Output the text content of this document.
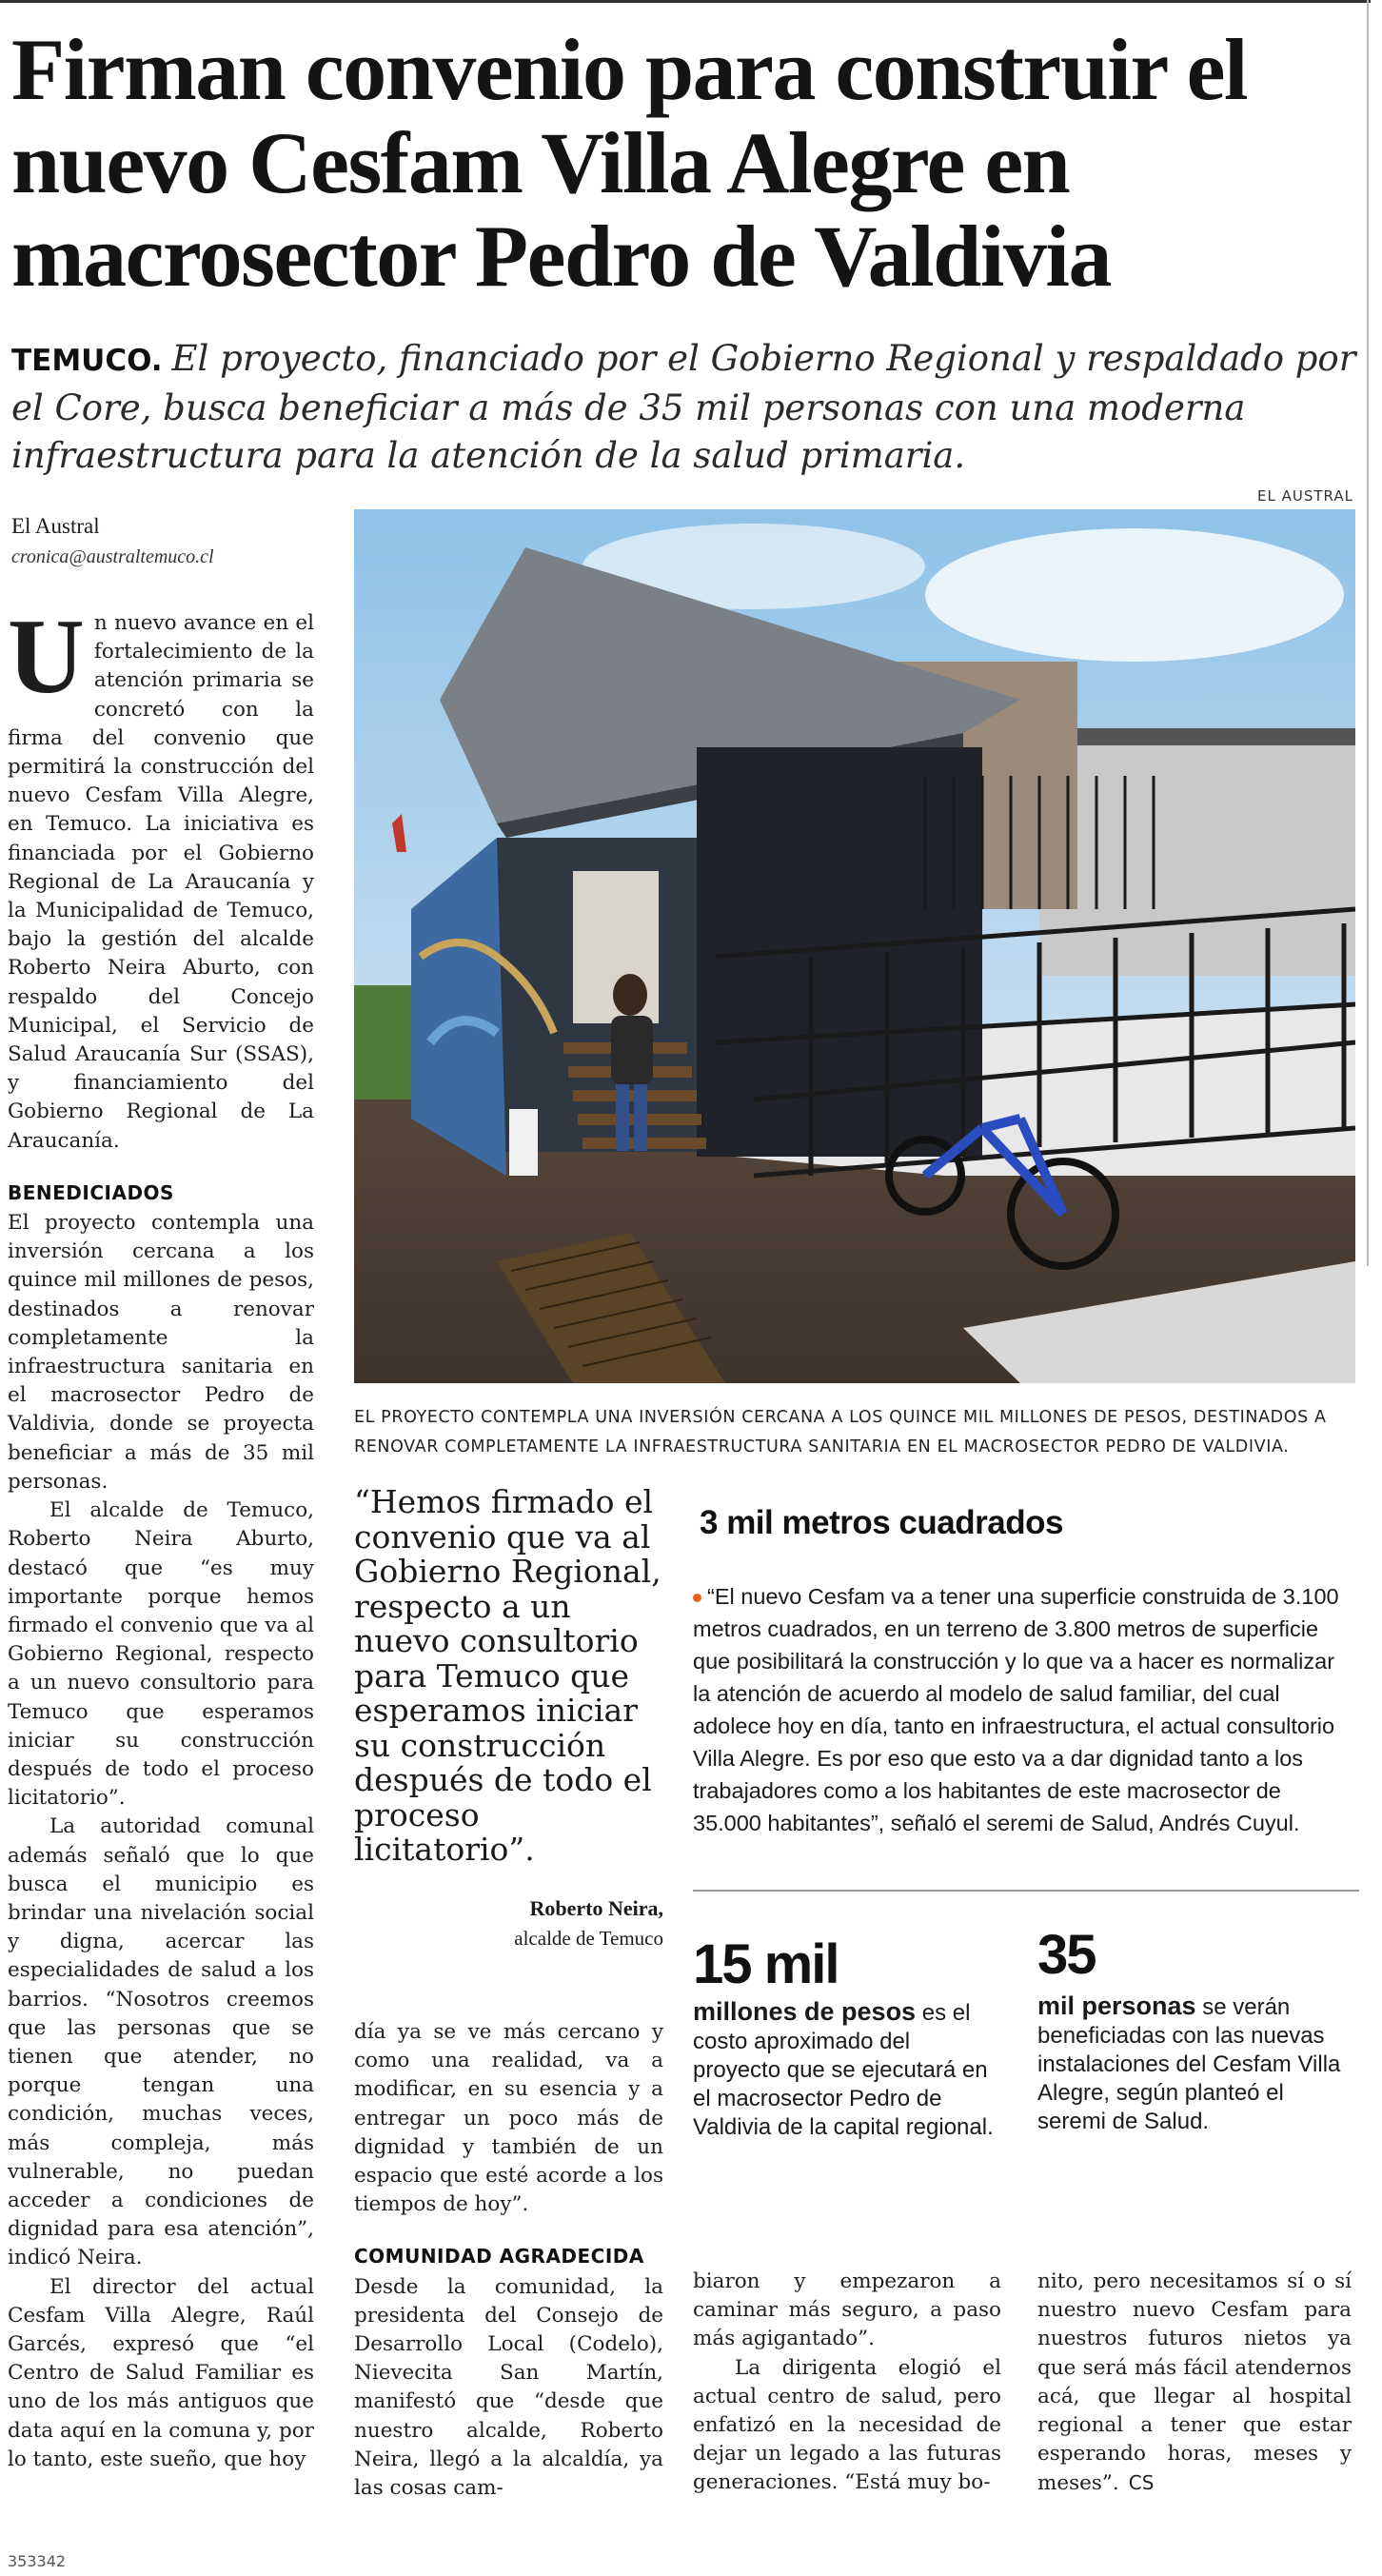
Firman convenio para construir el nuevo Cesfam Villa Alegre en macrosector Pedro de Valdivia
TEMUCO. El proyecto, financiado por el Gobierno Regional y respaldado por el Core, busca beneficiar a más de 35 mil personas con una moderna infraestructura para la atención de la salud primaria.
El Austral
cronica@australtemuco.cl
EL AUSTRAL
EL PROYECTO CONTEMPLA UNA INVERSIÓN CERCANA A LOS QUINCE MIL MILLONES DE PESOS, DESTINADOS A RENOVAR COMPLETAMENTE LA INFRAESTRUCTURA SANITARIA EN EL MACROSECTOR PEDRO DE VALDIVIA.

Un nuevo avance en el fortalecimiento de la atención primaria se concretó con la firma del convenio que permitirá la construcción del nuevo Cesfam Villa Alegre, en Temuco. La iniciativa es financiada por el Gobierno Regional de La Araucanía y la Municipalidad de Temuco, bajo la gestión del alcalde Roberto Neira Aburto, con respaldo del Concejo Municipal, el Servicio de Salud Araucanía Sur (SSAS), y financiamiento del Gobierno Regional de La Araucanía.

BENEDICIADOS

El proyecto contempla una inversión cercana a los quince mil millones de pesos, destinados a renovar completamente la infraestructura sanitaria en el macrosector Pedro de Valdivia, donde se proyecta beneficiar a más de 35 mil personas.

El alcalde de Temuco, Roberto Neira Aburto, destacó que “es muy importante porque hemos firmado el convenio que va al Gobierno Regional, respecto a un nuevo consultorio para Temuco que esperamos iniciar su construcción después de todo el proceso licitatorio”.

La autoridad comunal además señaló que lo que busca el municipio es brindar una nivelación social y digna, acercar las especialidades de salud a los barrios. “Nosotros creemos que las personas que se tienen que atender, no porque tengan una condición, muchas veces, más compleja, más vulnerable, no puedan acceder a condiciones de dignidad para esa atención”, indicó Neira.

El director del actual Cesfam Villa Alegre, Raúl Garcés, expresó que “el Centro de Salud Familiar es uno de los más antiguos que data aquí en la comuna y, por lo tanto, este sueño, que hoy

“Hemos firmado el convenio que va al Gobierno Regional, respecto a un nuevo consultorio para Temuco que esperamos iniciar su construcción después de todo el proceso licitatorio”.
Roberto Neira,
alcalde de Temuco

día ya se ve más cercano y como una realidad, va a modificar, en su esencia y a entregar un poco más de dignidad y también de un espacio que esté acorde a los tiempos de hoy”.

COMUNIDAD AGRADECIDA

Desde la comunidad, la presidenta del Consejo de Desarrollo Local (Codelo), Nievecita San Martín, manifestó que “desde que nuestro alcalde, Roberto Neira, llegó a la alcaldía, ya las cosas cam-

3 mil metros cuadrados
“El nuevo Cesfam va a tener una superficie construida de 3.100 metros cuadrados, en un terreno de 3.800 metros de superficie que posibilitará la construcción y lo que va a hacer es normalizar la atención de acuerdo al modelo de salud familiar, del cual adolece hoy en día, tanto en infraestructura, el actual consultorio Villa Alegre. Es por eso que esto va a dar dignidad tanto a los trabajadores como a los habitantes de este macrosector de 35.000 habitantes”, señaló el seremi de Salud, Andrés Cuyul.
15 mil
millones de pesos es el costo aproximado del proyecto que se ejecutará en el macrosector Pedro de Valdivia de la capital regional.
35
mil personas se verán beneficiadas con las nuevas instalaciones del Cesfam Villa Alegre, según planteó el seremi de Salud.

biaron y empezaron a caminar más seguro, a paso más agigantado”.

La dirigenta elogió el actual centro de salud, pero enfatizó en la necesidad de dejar un legado a las futuras generaciones. “Está muy bo-

nito, pero necesitamos sí o sí nuestro nuevo Cesfam para nuestros futuros nietos ya que será más fácil atendernos acá, que llegar al hospital regional a tener que estar esperando horas, meses y meses”. CS

353342
